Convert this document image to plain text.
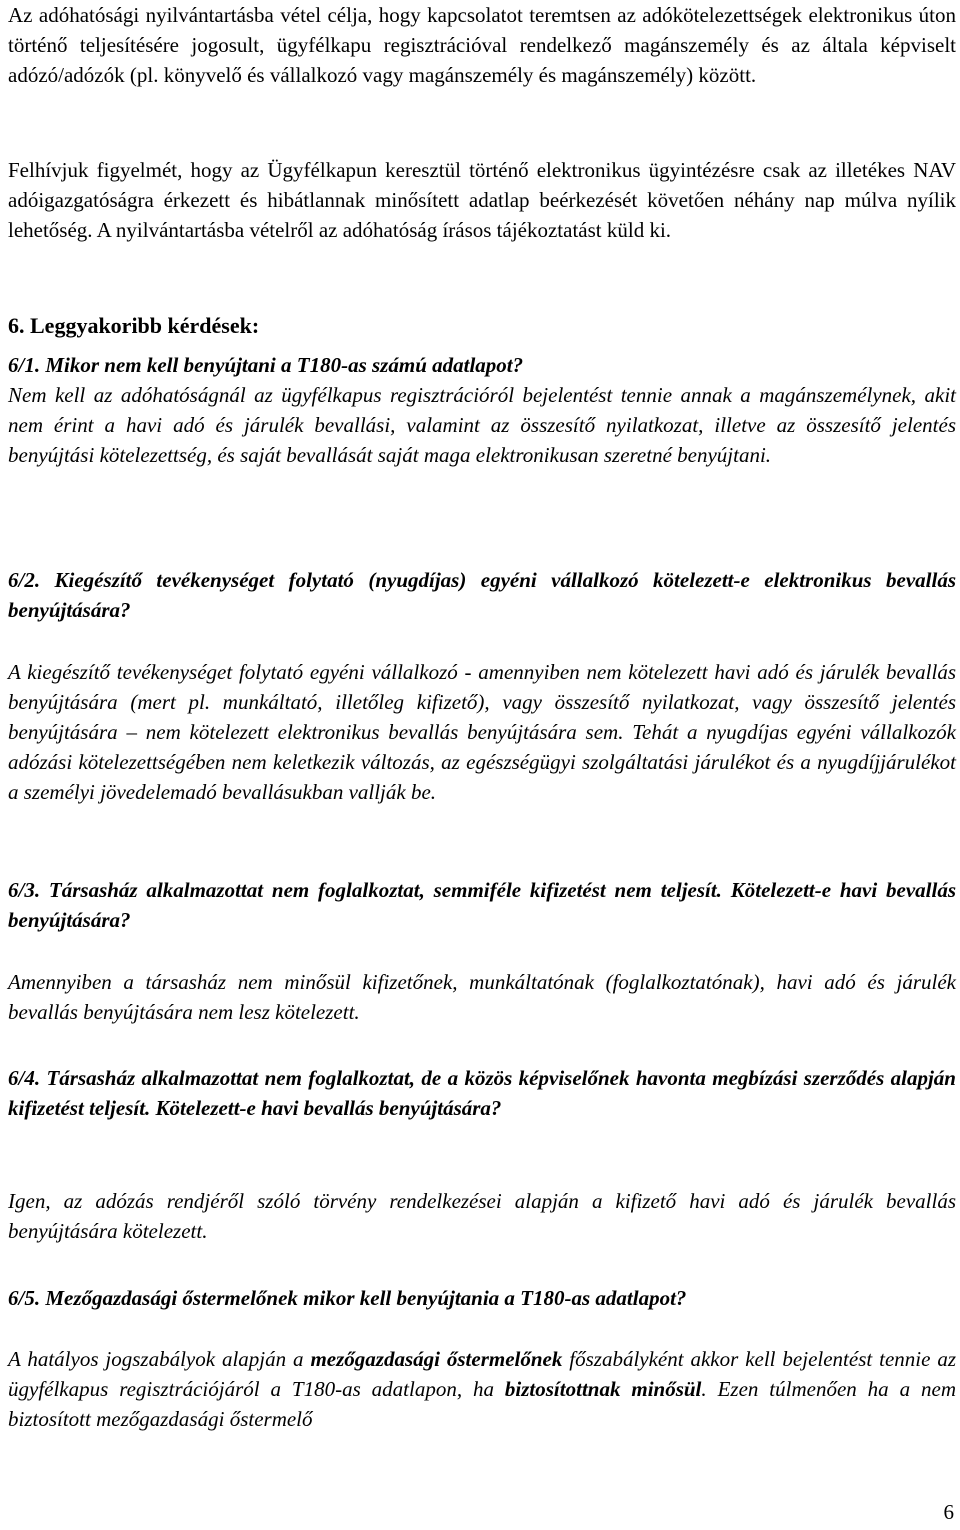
Az adóhatósági nyilvántartásba vétel célja, hogy kapcsolatot teremtsen az adókötelezettségek elektronikus úton történő teljesítésére jogosult, ügyfélkapu regisztrációval rendelkező magánszemély és az általa képviselt adózó/adózók (pl. könyvelő és vállalkozó vagy magánszemély és magánszemély) között.

Felhívjuk figyelmét, hogy az Ügyfélkapun keresztül történő elektronikus ügyintézésre csak az illetékes NAV adóigazgatóságra érkezett és hibátlannak minősített adatlap beérkezését követően néhány nap múlva nyílik lehetőség. A nyilvántartásba vételről az adóhatóság írásos tájékoztatást küld ki.

6. Leggyakoribb kérdések:

6/1. Mikor nem kell benyújtani a T180-as számú adatlapot?

Nem kell az adóhatóságnál az ügyfélkapus regisztrációról bejelentést tennie annak a magánszemélynek, akit nem érint a havi adó és járulék bevallási, valamint az összesítő nyilatkozat, illetve az összesítő jelentés benyújtási kötelezettség, és saját bevallását saját maga elektronikusan szeretné benyújtani.

6/2. Kiegészítő tevékenységet folytató (nyugdíjas) egyéni vállalkozó kötelezett-e elektronikus bevallás benyújtására?

A kiegészítő tevékenységet folytató egyéni vállalkozó - amennyiben nem kötelezett havi adó és járulék bevallás benyújtására (mert pl. munkáltató, illetőleg kifizető), vagy összesítő nyilatkozat, vagy összesítő jelentés benyújtására – nem kötelezett elektronikus bevallás benyújtására sem. Tehát a nyugdíjas egyéni vállalkozók adózási kötelezettségében nem keletkezik változás, az egészségügyi szolgáltatási járulékot és a nyugdíjjárulékot a személyi jövedelemadó bevallásukban vallják be.

6/3. Társasház alkalmazottat nem foglalkoztat, semmiféle kifizetést nem teljesít. Kötelezett-e havi bevallás benyújtására?

Amennyiben a társasház nem minősül kifizetőnek, munkáltatónak (foglalkoztatónak), havi adó és járulék bevallás benyújtására nem lesz kötelezett.

6/4. Társasház alkalmazottat nem foglalkoztat, de a közös képviselőnek havonta megbízási szerződés alapján kifizetést teljesít. Kötelezett-e havi bevallás benyújtására?

Igen, az adózás rendjéről szóló törvény rendelkezései alapján a kifizető havi adó és járulék bevallás benyújtására kötelezett.

6/5. Mezőgazdasági őstermelőnek mikor kell benyújtania a T180-as adatlapot?

A hatályos jogszabályok alapján a mezőgazdasági őstermelőnek főszabályként akkor kell bejelentést tennie az ügyfélkapus regisztrációjáról a T180-as adatlapon, ha biztosítottnak minősül. Ezen túlmenően ha a nem biztosított mezőgazdasági őstermelő

6
